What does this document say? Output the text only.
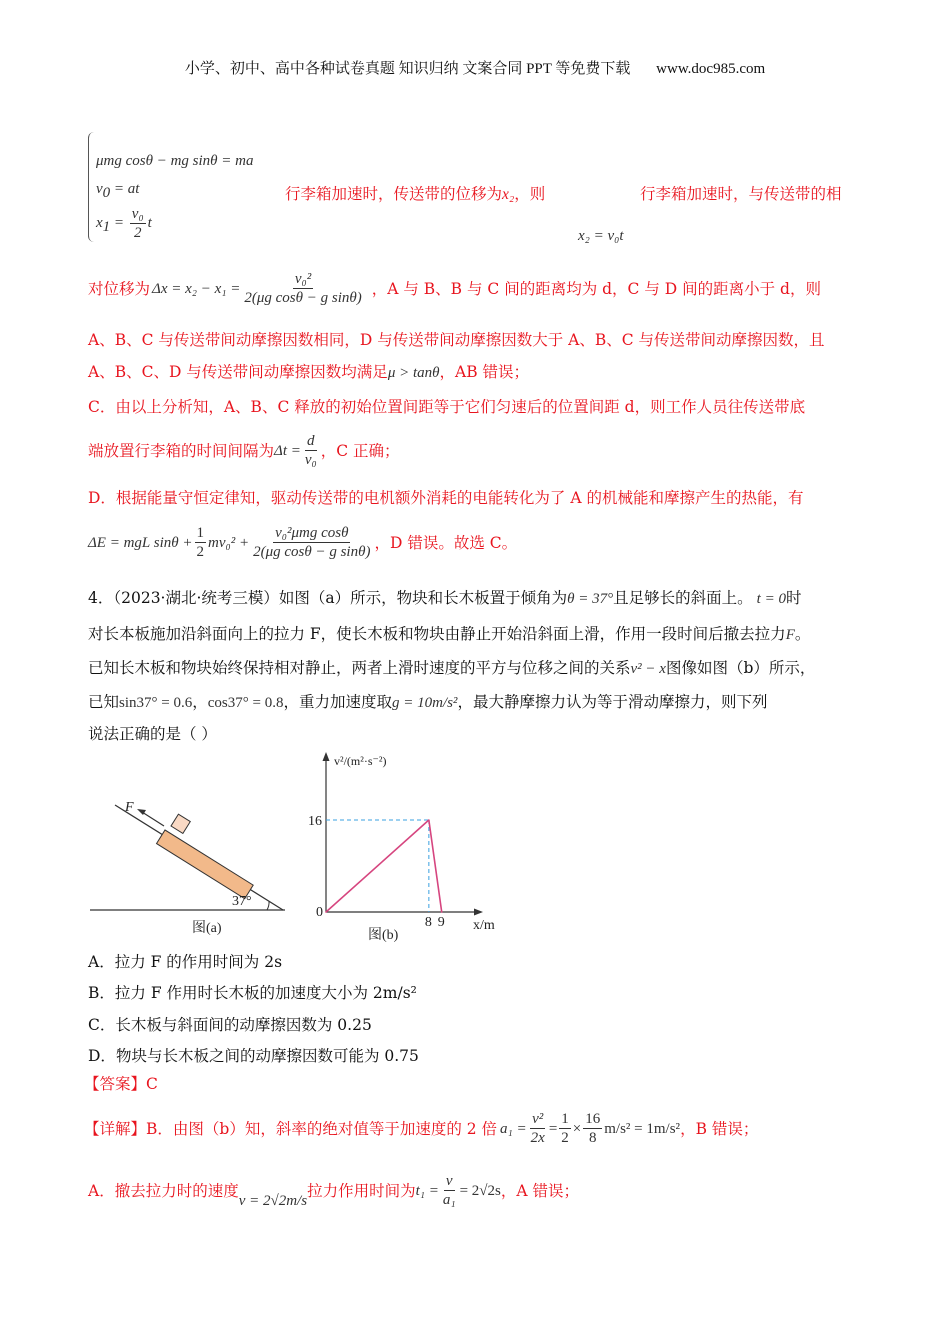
小学、初中、高中各种试卷真题 知识归纳 文案合同 PPT 等免费下载 www.doc985.com
μmg cosθ − mg sinθ = ma
$v_0$ = at
$x_1 = \frac{\text{v₀}}{2}$ t
行李箱加速时，传送带的位移为x₂，则	行李箱加速时，与传送带的相
x₂ = v₀t
对位移为 $\Delta x = x_2 - x_1 = \frac{\text{v₀²}}{\text{2(μg cosθ − g sinθ)}}$ ，A 与 B、B 与 C 间的距离均为 d，C 与 D 间的距离小于 d，则
A、B、C 与传送带间动摩擦因数相同，D 与传送带间动摩擦因数大于 A、B、C 与传送带间动摩擦因数，且
A、B、C、D 与传送带间动摩擦因数均满足μ > tanθ，AB 错误；
C．由以上分析知，A、B、C 释放的初始位置间距等于它们匀速后的位置间距 d，则工作人员往传送带底
端放置行李箱的时间间隔为 $\Delta t = \frac{d}{\text{v₀}}$ ，C 正确；
D．根据能量守恒定律知，驱动传送带的电机额外消耗的电能转化为了 A 的机械能和摩擦产生的热能，有
ΔE = mgL $\sin\theta + \frac{1}{2} mv_0^2 + \frac{\text{v₀²μmg cosθ}}{\text{2(μg cosθ − g sinθ)}}$ ，D 错误。故选 C。
4．（2023·湖北·统考三模）如图（a）所示，物块和长木板置于倾角为θ = 37°且足够长的斜面上。 t = 0时
对长本板施加沿斜面向上的拉力 F，使长木板和物块由静止开始沿斜面上滑，作用一段时间后撤去拉力F。
已知长木板和物块始终保持相对静止，两者上滑时速度的平方与位移之间的关系v² − x图像如图（b）所示，
已知sin37° = 0.6，cos37° = 0.8，重力加速度取g = 10m/s²，最大静摩擦力认为等于滑动摩擦力，则下列
说法正确的是（ ）
F
37°
图(a)
v²/(m²·s⁻²)
x/m
0
8 9
16
图(b)
A．拉力 F 的作用时间为 2s
B．拉力 F 作用时长木板的加速度大小为 2m/s²
C．长木板与斜面间的动摩擦因数为 0.25
D．物块与长木板之间的动摩擦因数可能为 0.75
【答案】C
【详解】 B．由图（b）知，斜率的绝对值等于加速度的 2 倍 $a_1 = \frac{\text{v²}}{2x} = \frac{1}{2} \times \frac{16}{8} m/s^2 = 1m/s^2$ ，B 错误；
A．撤去拉力时的速度
v = 2√2m/s
拉力作用时间为 $t_1 = \frac{v}{\text{a₁}} = 2√2s$ ，A 错误；
